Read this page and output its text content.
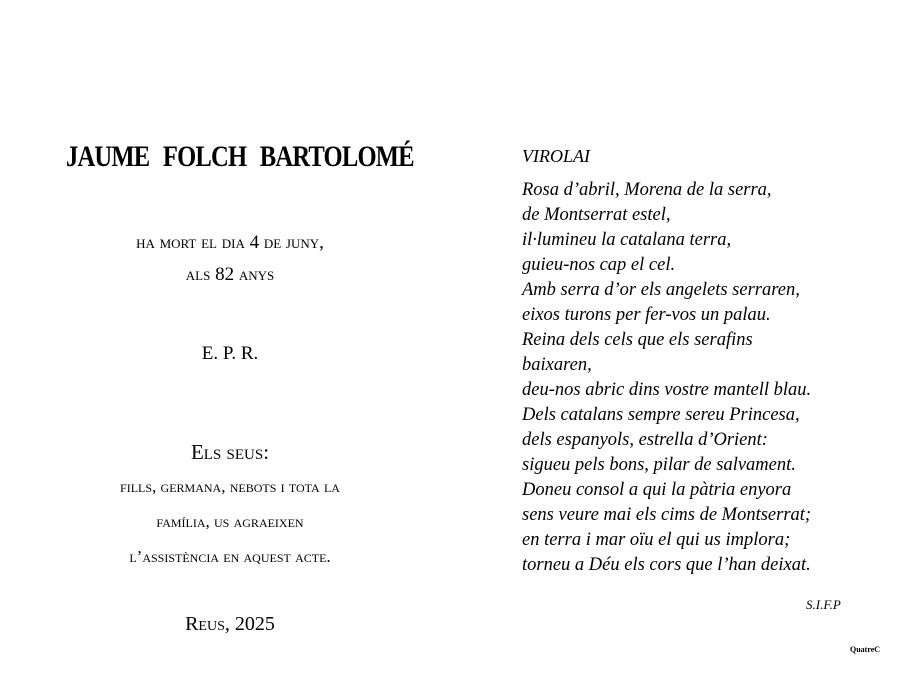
JAUME FOLCH BARTOLOMÉ
ha mort el dia 4 de juny,
als 82 anys
E. P. R.
Els seus:
fills, germana, nebots i tota la
família, us agraeixen
l’assistència en aquest acte.
Reus, 2025
VIROLAI
Rosa d’abril, Morena de la serra,
de Montserrat estel,
il·lumineu la catalana terra,
guieu-nos cap el cel.
Amb serra d’or els angelets serraren,
eixos turons per fer-vos un palau.
Reina dels cels que els serafins
baixaren,
deu-nos abric dins vostre mantell blau.
Dels catalans sempre sereu Princesa,
dels espanyols, estrella d’Orient:
sigueu pels bons, pilar de salvament.
Doneu consol a qui la pàtria enyora
sens veure mai els cims de Montserrat;
en terra i mar oïu el qui us implora;
torneu a Déu els cors que l’han deixat.
S.I.F.P
QuatreC
